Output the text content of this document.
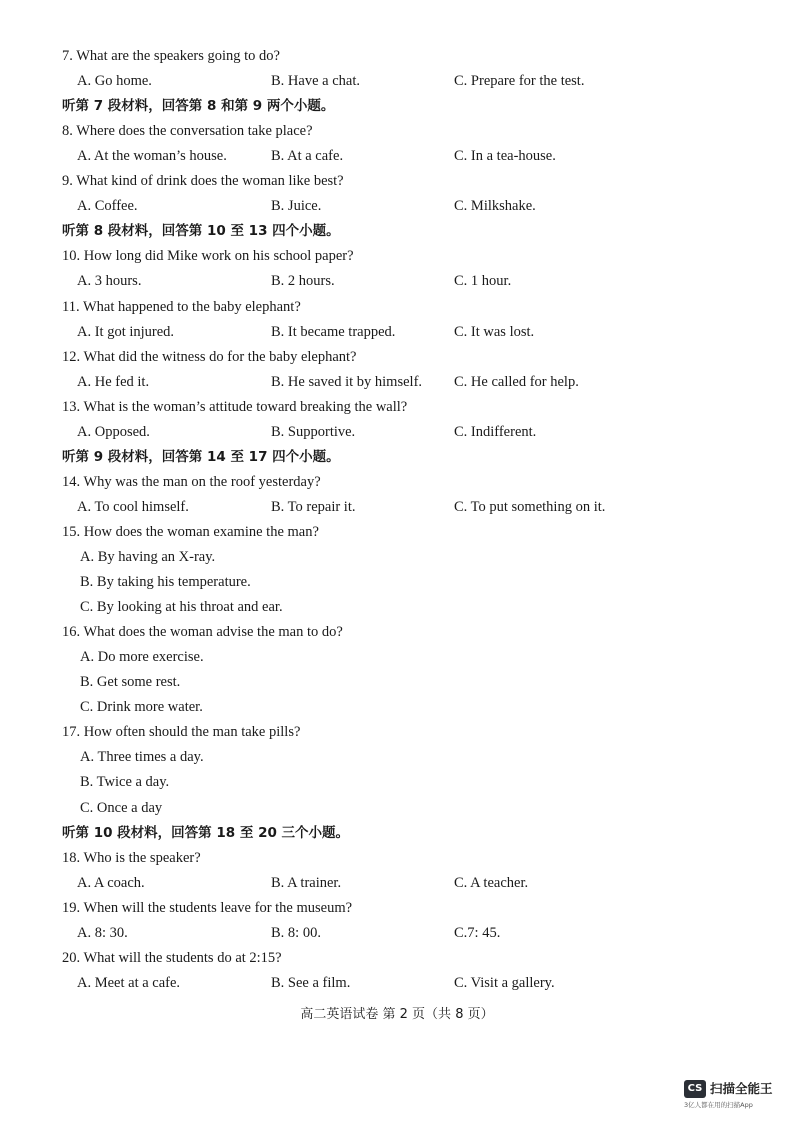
7. What are the speakers going to do?
A. Go home.	B. Have a chat.	C. Prepare for the test.
听第 7 段材料，回答第 8 和第 9 两个小题。
8. Where does the conversation take place?
A. At the woman’s house.	B. At a cafe.	C. In a tea-house.
9. What kind of drink does the woman like best?
A. Coffee.	B. Juice.	C. Milkshake.
听第 8 段材料，回答第 10 至 13 四个小题。
10. How long did Mike work on his school paper?
A. 3 hours.	B. 2 hours.	C. 1 hour.
11. What happened to the baby elephant?
A. It got injured.	B. It became trapped.	C. It was lost.
12. What did the witness do for the baby elephant?
A. He fed it.	B. He saved it by himself. C. He called for help.
13. What is the woman’s attitude toward breaking the wall?
A. Opposed.	B. Supportive.	C. Indifferent.
听第 9 段材料，回答第 14 至 17 四个小题。
14. Why was the man on the roof yesterday?
A. To cool himself.	B. To repair it.	C. To put something on it.
15. How does the woman examine the man?
A. By having an X-ray.
B. By taking his temperature.
C. By looking at his throat and ear.
16. What does the woman advise the man to do?
A. Do more exercise.
B. Get some rest.
C. Drink more water.
17. How often should the man take pills?
A. Three times a day.
B. Twice a day.
C. Once a day
听第 10 段材料，回答第 18 至 20 三个小题。
18. Who is the speaker?
A. A coach.	B. A trainer.	C. A teacher.
19. When will the students leave for the museum?
A. 8: 30.	B. 8: 00.	C.7: 45.
20. What will the students do at 2:15?
A. Meet at a cafe.	B. See a film.	C. Visit a gallery.
高二英语试卷 第 2 页（共 8 页）
CS 扫描全能王
3亿人都在用的扫描App
